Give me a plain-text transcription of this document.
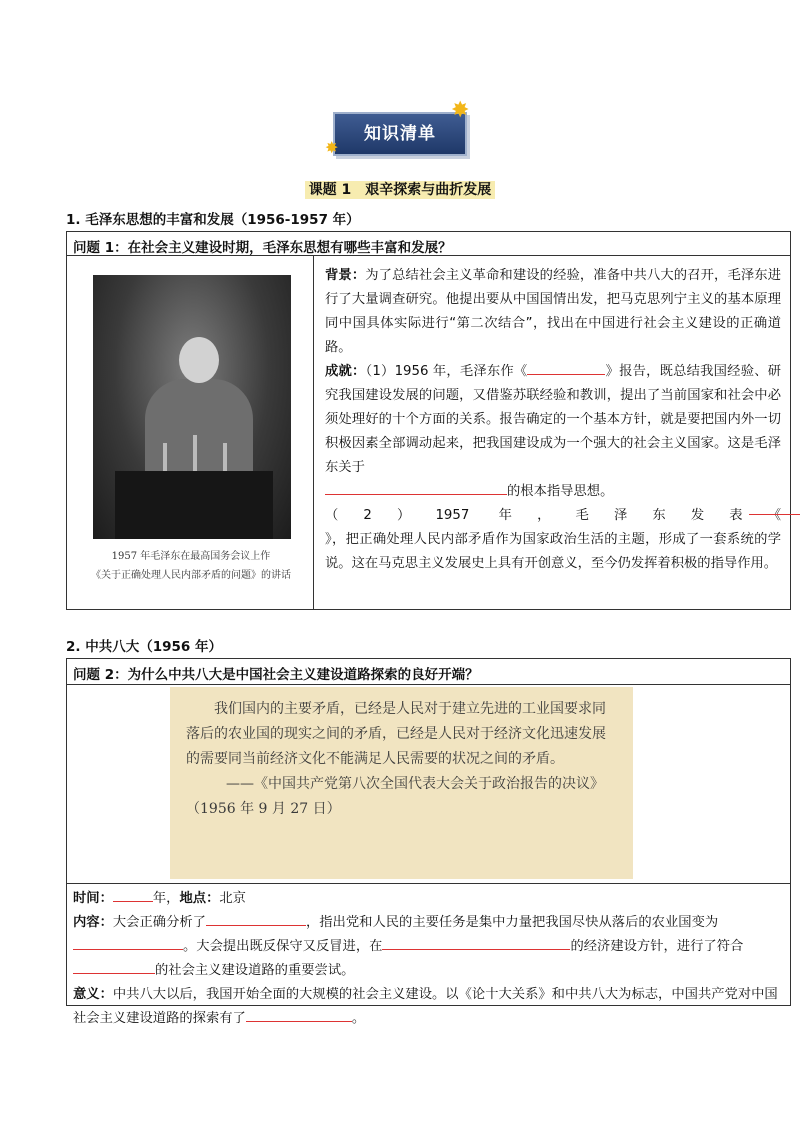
知识清单
✸
✸
课题 1　艰辛探索与曲折发展
1. 毛泽东思想的丰富和发展（1956-1957 年）
问题 1：在社会主义建设时期，毛泽东思想有哪些丰富和发展？
1957 年毛泽东在最高国务会议上作
《关于正确处理人民内部矛盾的问题》的讲话
背景：为了总结社会主义革命和建设的经验，准备中共八大的召开，毛泽东进行了大量调查研究。他提出要从中国国情出发，把马克思列宁主义的基本原理同中国具体实际进行“第二次结合”，找出在中国进行社会主义建设的正确道路。
成就：（1）1956 年，毛泽东作《	》报告，既总结我国经验、研究我国建设发展的问题，又借鉴苏联经验和教训，提出了当前国家和社会中必须处理好的十个方面的关系。报告确定的一个基本方针，就是要把国内外一切积极因素全部调动起来，把我国建设成为一个强大的社会主义国家。这是毛泽东关于
的根本指导思想。
（2）1957 年，毛泽东发表《
》，把正确处理人民内部矛盾作为国家政治生活的主题，形成了一套系统的学说。这在马克思主义发展史上具有开创意义，至今仍发挥着积极的指导作用。
2. 中共八大（1956 年）
问题 2：为什么中共八大是中国社会主义建设道路探索的良好开端？
我们国内的主要矛盾，已经是人民对于建立先进的工业国要求同落后的农业国的现实之间的矛盾，已经是人民对于经济文化迅速发展的需要同当前经济文化不能满足人民需要的状况之间的矛盾。
——《中国共产党第八次全国代表大会关于政治报告的决议》
（1956 年 9 月 27 日）
时间：	年，地点：北京
内容：大会正确分析了	，指出党和人民的主要任务是集中力量把我国尽快从落后的农业国变为。大会提出既反保守又反冒进，在	的经济建设方针，进行了符合的社会主义建设道路的重要尝试。
意义：中共八大以后，我国开始全面的大规模的社会主义建设。以《论十大关系》和中共八大为标志，中国共产党对中国社会主义建设道路的探索有了	。
